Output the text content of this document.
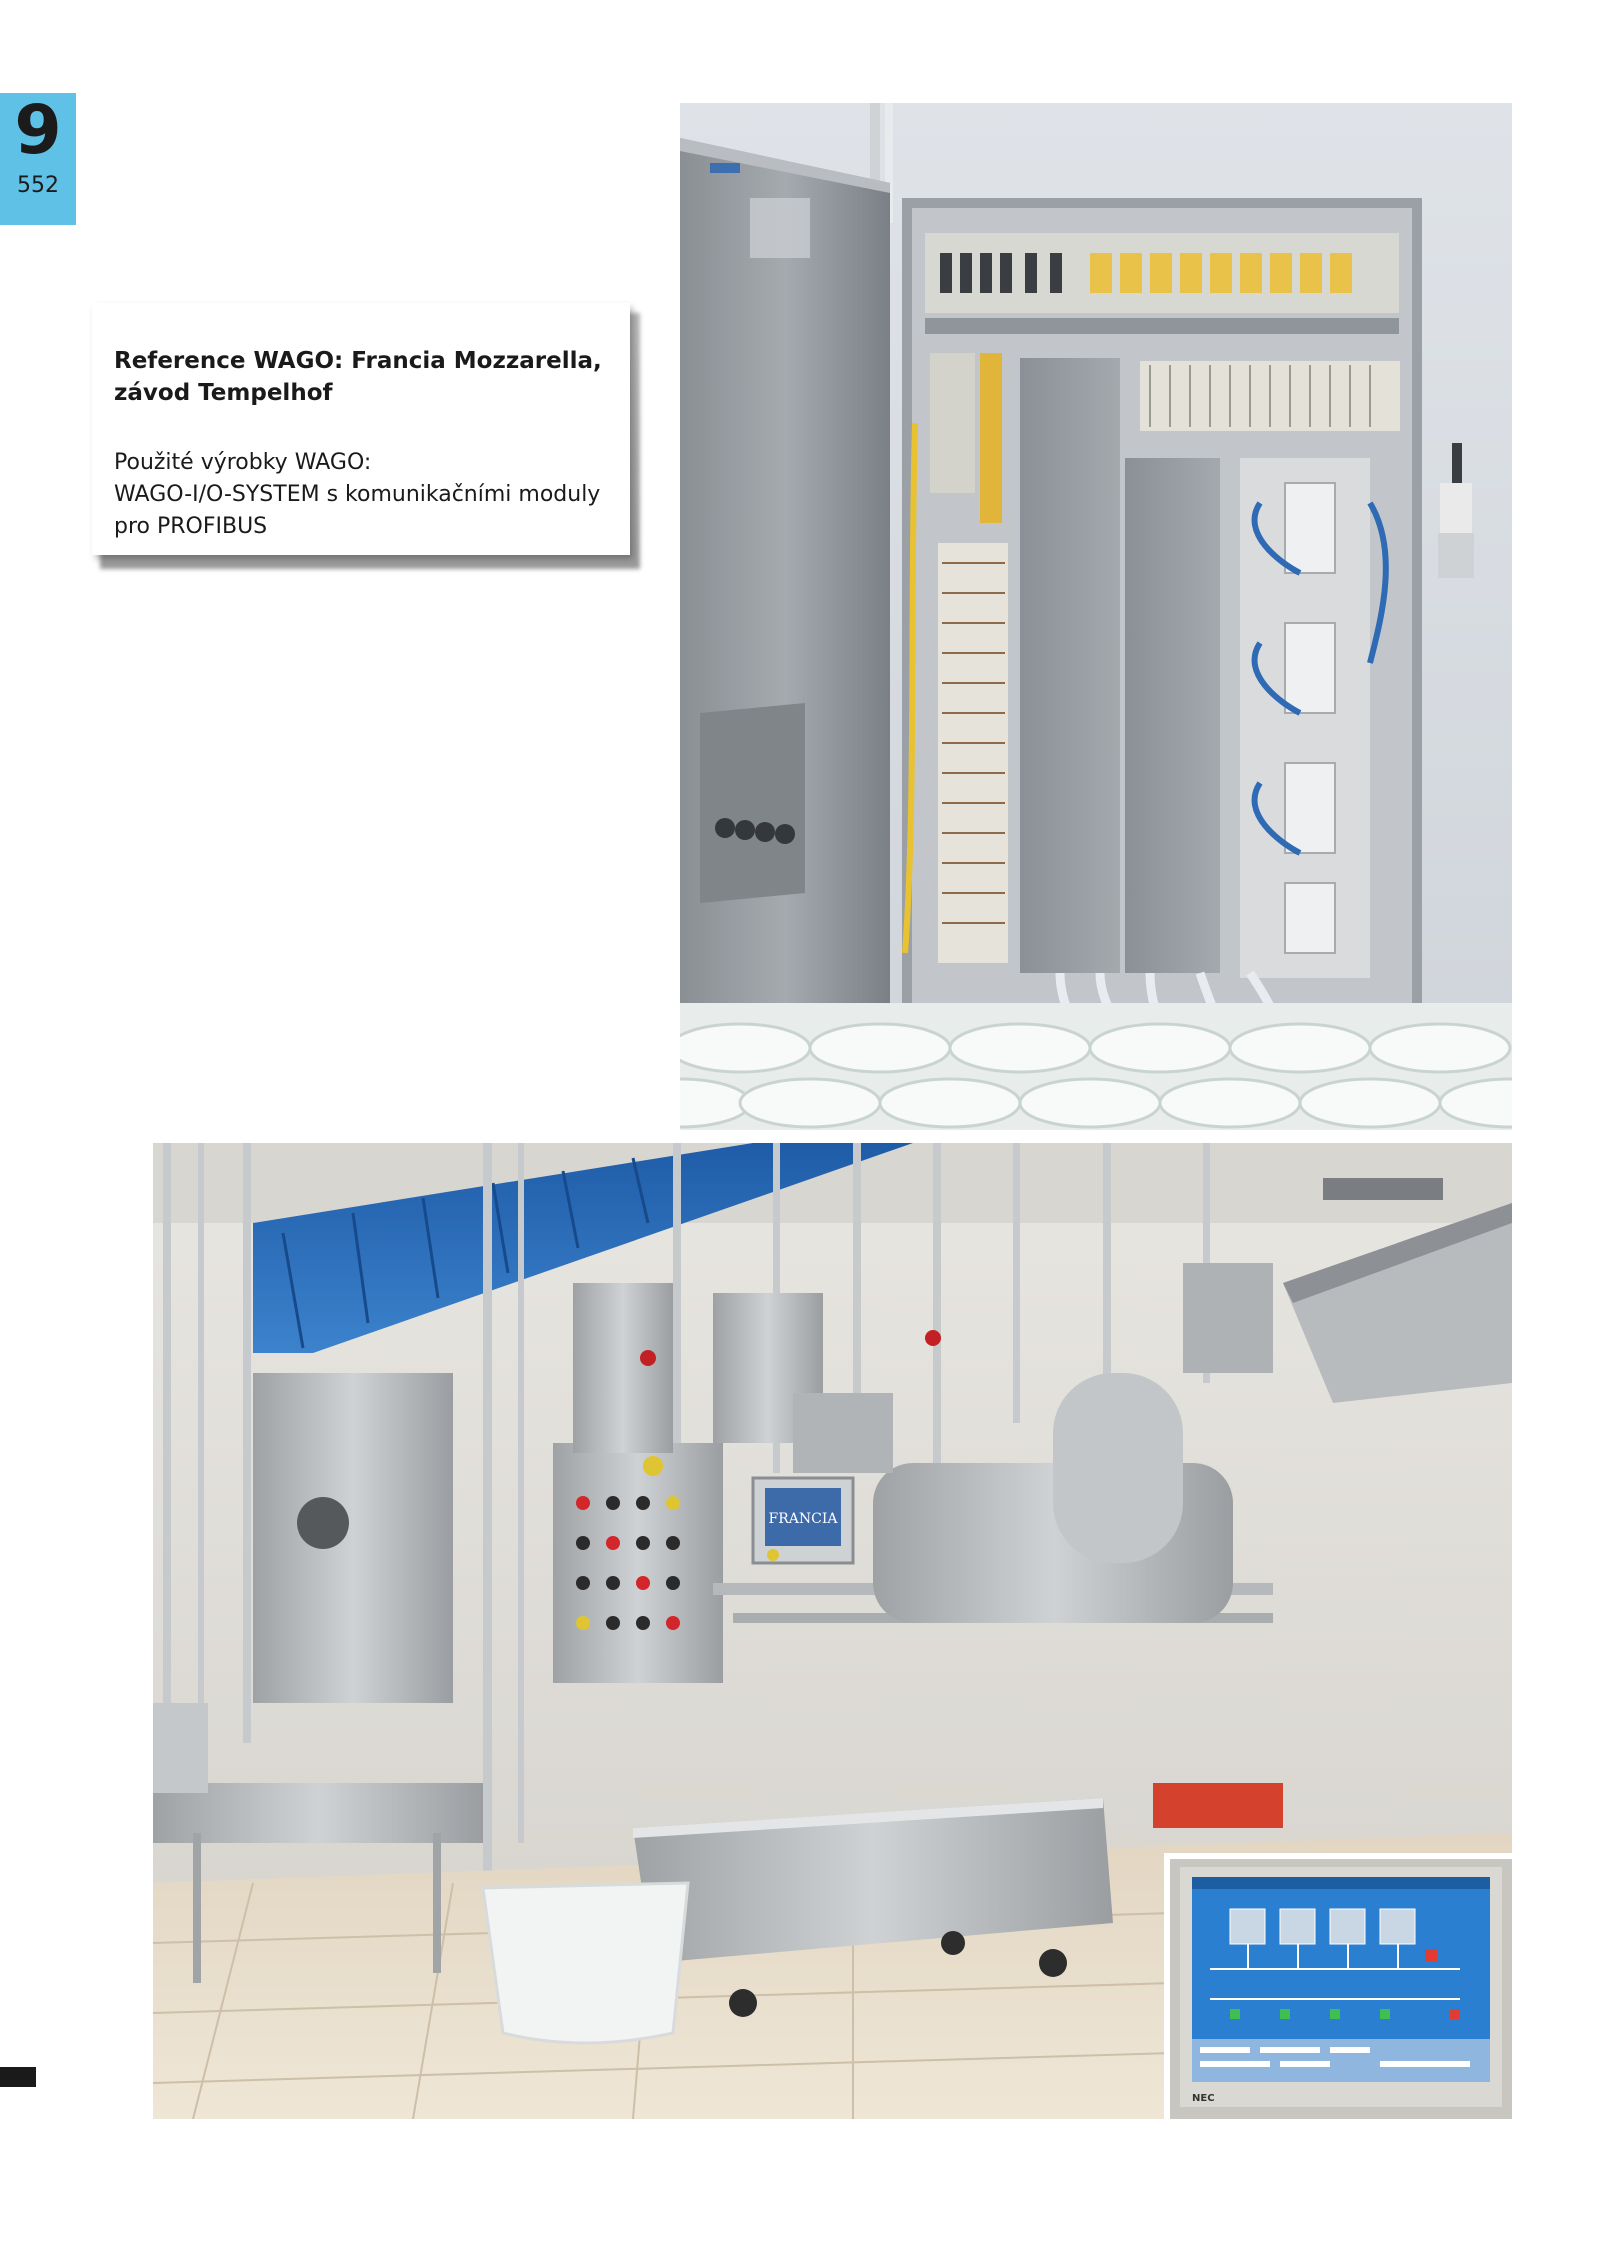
9
552
Reference WAGO: Francia Mozzarella,
závod Tempelhof
Použité výrobky WAGO:
WAGO-I/O-SYSTEM s komunikačními moduly
pro PROFIBUS
FRANCIA
NEC
